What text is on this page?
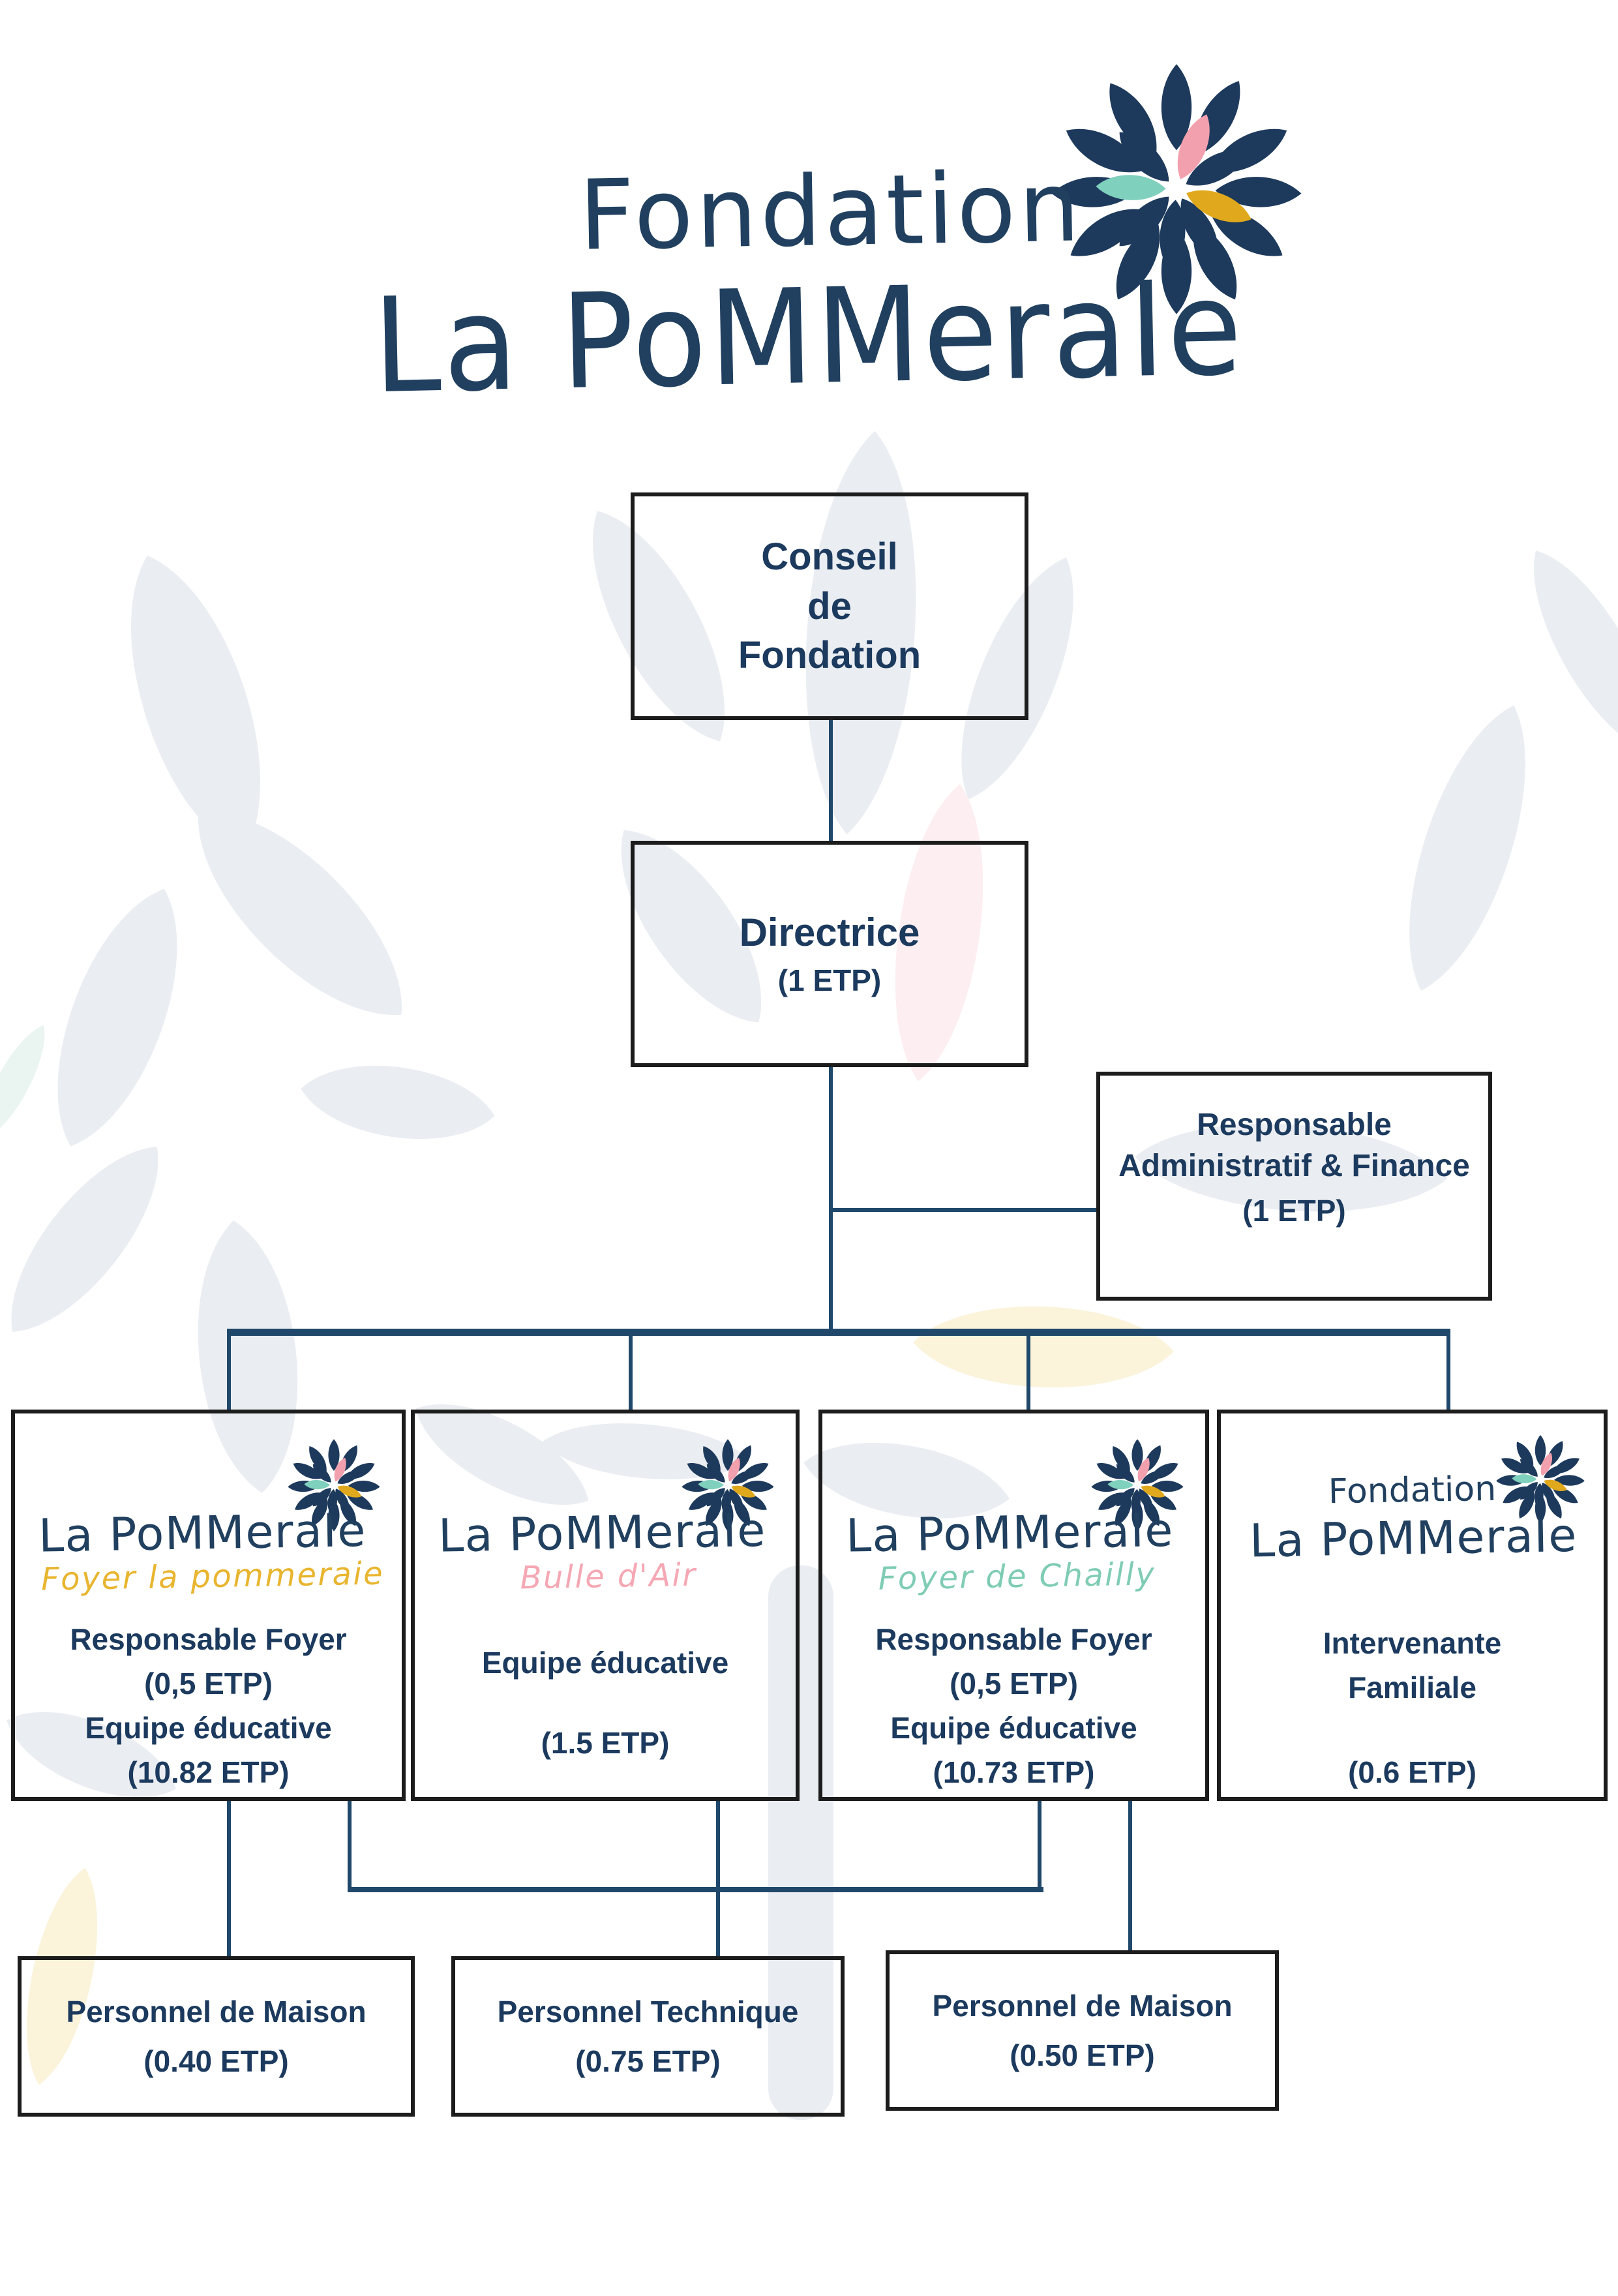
Fondation
La PoMMeraIe
Conseil
de
Fondation
Directrice
(1 ETP)
Responsable
Administratif & Finance
(1 ETP)
La PoMMeraIe
Foyer la pommeraie
Responsable Foyer
(0,5 ETP)
Equipe éducative
(10.82 ETP)
La PoMMeraIe
Bulle d'Air
Equipe éducative
(1.5 ETP)
La PoMMeraIe
Foyer de Chailly
Responsable Foyer
(0,5 ETP)
Equipe éducative
(10.73 ETP)
Fondation
La PoMMeraIe
Intervenante
Familiale
(0.6 ETP)
Personnel de Maison
(0.40 ETP)
Personnel Technique
(0.75 ETP)
Personnel de Maison
(0.50 ETP)
